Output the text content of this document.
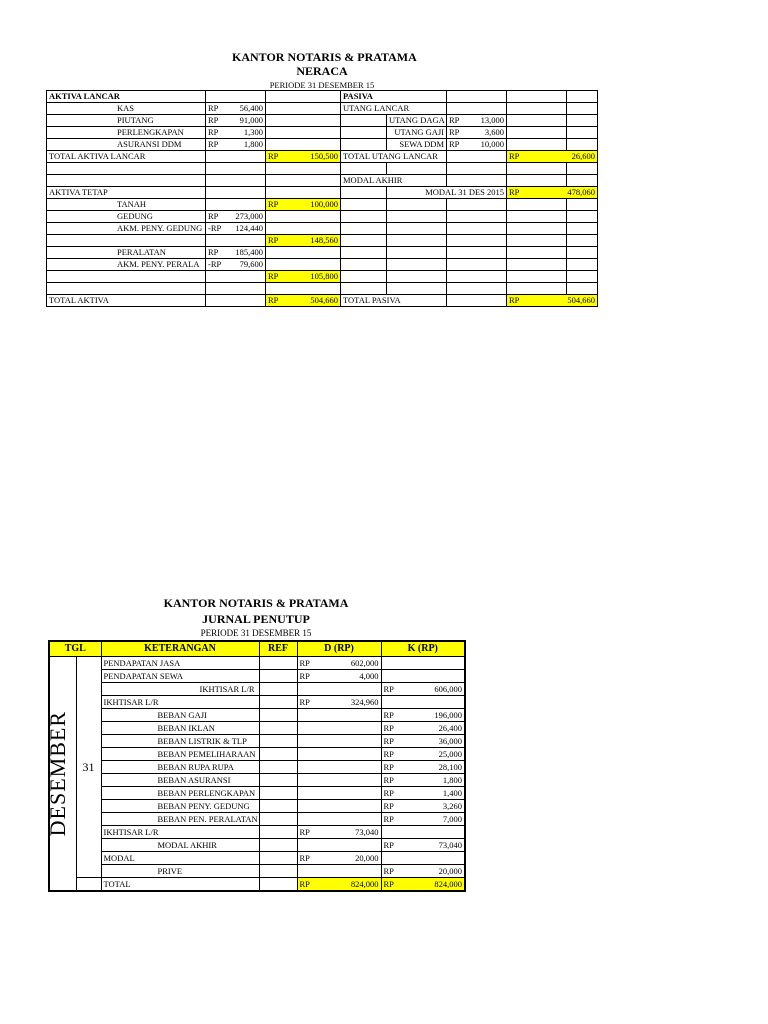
KANTOR NOTARIS & PRATAMA
NERACA
PERIODE 31 DESEMBER 15
AKTIVA LANCAR			PASIVA				
KAS	RP 56,400		UTANG LANCAR				
PIUTANG	RP 91,000			UTANG DAGA	RP 13,000		

PERLENGKAPAN	RP 1,300			UTANG GAJI	RP 3,600		

ASURANSI DDM	RP 1,800			SEWA DDM	RP 10,000		

TOTAL AKTIVA LANCAR		RP 150,500	TOTAL UTANG LANCAR			RP 26,600	

			MODAL AKHIR				
AKTIVA TETAP				MODAL 31 DES 2015		RP 478,060	

TANAH		RP 100,000					

GEDUNG	RP 273,000						

AKM. PENY. GEDUNG	-RP 124,440						

		RP 148,560					

PERALATAN	RP 185,400						

AKM. PENY. PERALA	-RP 79,600						

		RP 105,800					

TOTAL AKTIVA		RP 504,660	TOTAL PASIVA			RP 504,660	
KANTOR NOTARIS & PRATAMA
JURNAL PENUTUP
PERIODE 31 DESEMBER 15
TGL		KETERANGAN	REF	D (RP)	K (RP)

DESEMBER	31	PENDAPATAN JASA		RP 602,000	

		PENDAPATAN SEWA		RP 4,000	

		IKHTISAR L/R			RP 606,000

		IKHTISAR L/R		RP 324,960	

		BEBAN GAJI			RP 196,000

		BEBAN IKLAN			RP 26,400

		BEBAN LISTRIK & TLP			RP 36,000

		BEBAN PEMELIHARAAN			RP 25,000

		BEBAN RUPA RUPA			RP 28,100

		BEBAN ASURANSI			RP 1,800

		BEBAN PERLENGKAPAN			RP 1,400

		BEBAN PENY. GEDUNG			RP 3,260

		BEBAN PEN. PERALATAN			RP 7,000

		IKHTISAR L/R		RP 73,040	

		MODAL AKHIR			RP 73,040

		MODAL		RP 20,000	

		PRIVE			RP 20,000

		TOTAL		RP 824,000	RP 824,000
